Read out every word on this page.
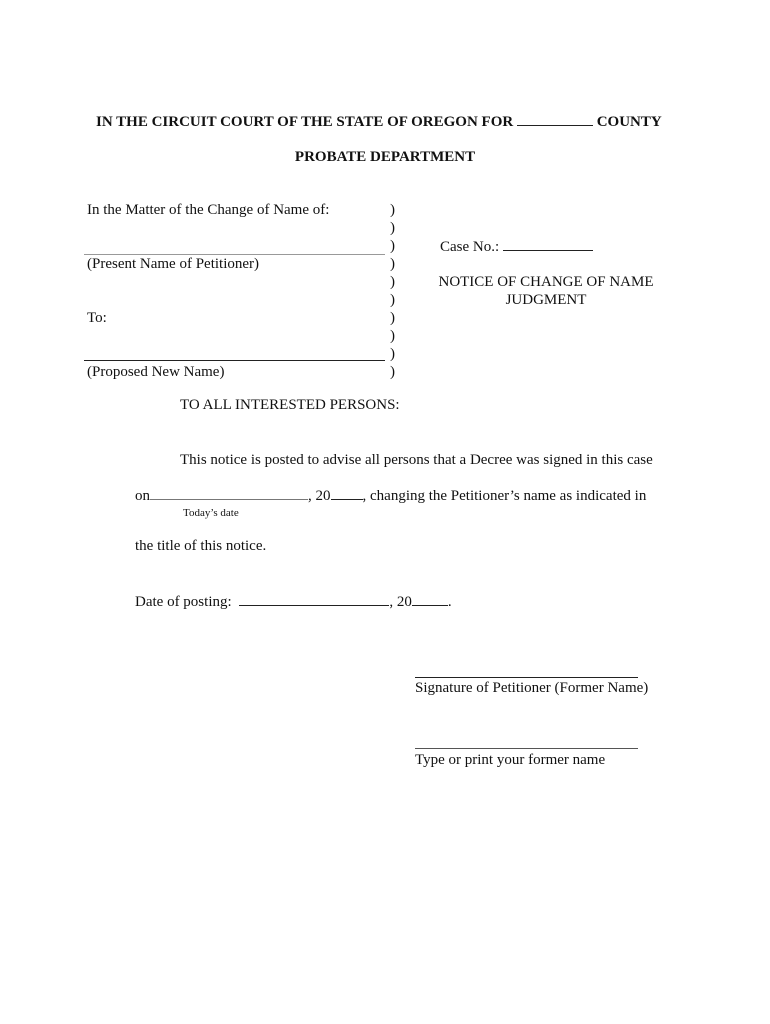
IN THE CIRCUIT COURT OF THE STATE OF OREGON FOR	COUNTY
PROBATE DEPARTMENT
In the Matter of the Change of Name of:
(Present Name of Petitioner)
To:
(Proposed New Name)
)
)
)
)
)
)
)
)
)
)
Case No.:
NOTICE OF CHANGE OF NAME
JUDGMENT
TO ALL INTERESTED PERSONS:
This notice is posted to advise all persons that a Decree was signed in this case
on	, 20 , changing the Petitioner’s name as indicated in
Today’s date
the title of this notice.
Date of posting:	, 20 .
Signature of Petitioner (Former Name)
Type or print your former name
